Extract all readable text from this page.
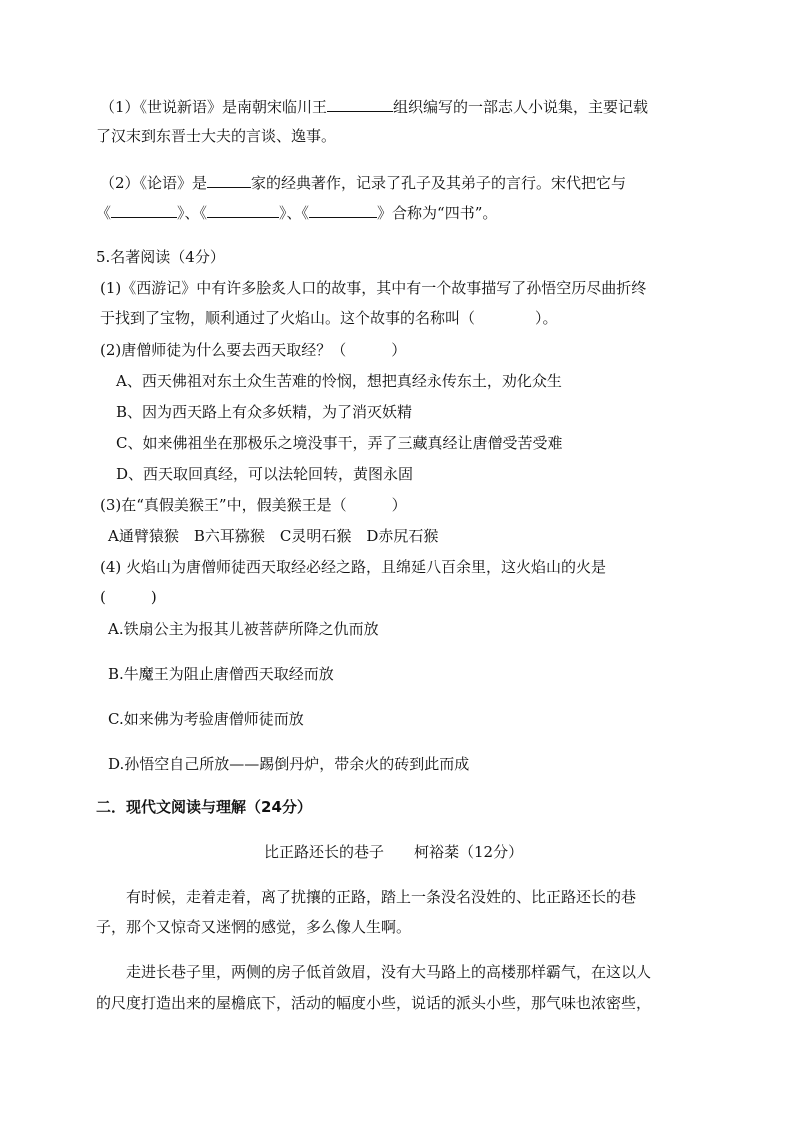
（1）《世说新语》是南朝宋临川王	组织编写的一部志人小说集，主要记载
了汉末到东晋士大夫的言谈、逸事。
（2）《论语》是	家的经典著作，记录了孔子及其弟子的言行。宋代把它与
《	》、《	》、《	》合称为“四书”。
5.名著阅读（4分）
(1)《西游记》中有许多脍炙人口的故事，其中有一个故事描写了孙悟空历尽曲折终
于找到了宝物，顺利通过了火焰山。这个故事的名称叫（　　　　）。
(2)唐僧师徒为什么要去西天取经？（　　　）
A、西天佛祖对东土众生苦难的怜悯，想把真经永传东土，劝化众生
B、因为西天路上有众多妖精，为了消灭妖精
C、如来佛祖坐在那极乐之境没事干，弄了三藏真经让唐僧受苦受难
D、西天取回真经，可以法轮回转，黄图永固
(3)在“真假美猴王”中，假美猴王是（　　　）
A通臂猿猴　B六耳猕猴　C灵明石猴　D赤尻石猴
(4) 火焰山为唐僧师徒西天取经必经之路，且绵延八百余里，这火焰山的火是
(　　　)
A.铁扇公主为报其儿被菩萨所降之仇而放
B.牛魔王为阻止唐僧西天取经而放
C.如来佛为考验唐僧师徒而放
D.孙悟空自己所放——踢倒丹炉，带余火的砖到此而成
二．现代文阅读与理解（24分）
比正路还长的巷子　　柯裕棻（12分）
有时候，走着走着，离了扰攘的正路，踏上一条没名没姓的、比正路还长的巷
子，那个又惊奇又迷惘的感觉，多么像人生啊。
走进长巷子里，两侧的房子低首敛眉，没有大马路上的高楼那样霸气，在这以人
的尺度打造出来的屋檐底下，活动的幅度小些，说话的派头小些，那气味也浓密些，
